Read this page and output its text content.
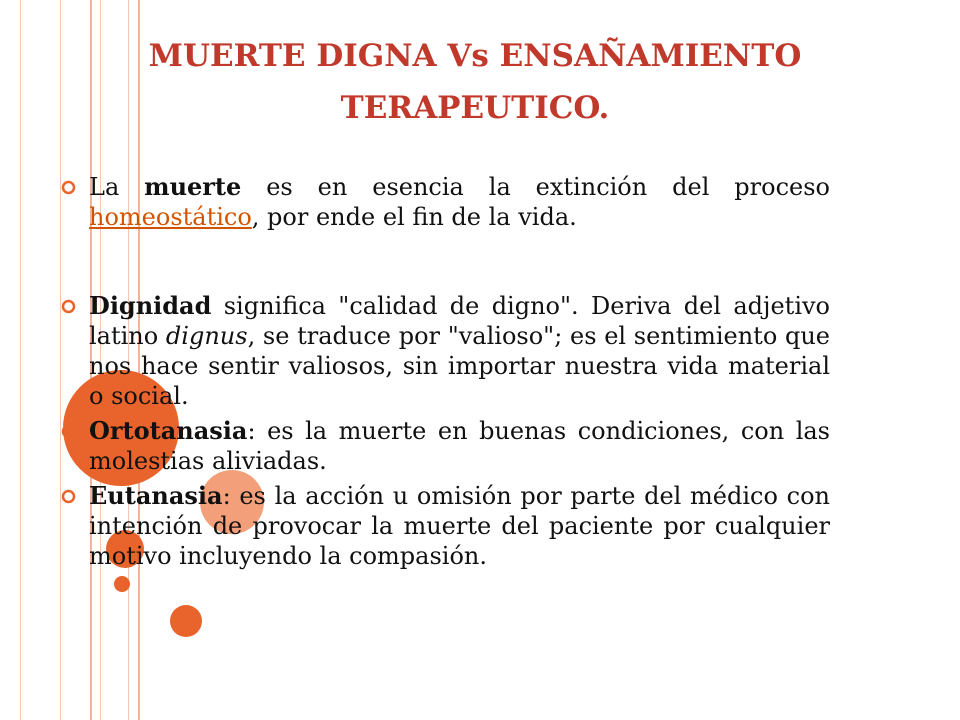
MUERTE DIGNA Vs ENSAÑAMIENTO
TERAPEUTICO.
La muerte es en esencia la extinción del proceso homeostático, por ende el fin de la vida.
Dignidad significa "calidad de digno". Deriva del adjetivo latino dignus, se traduce por "valioso"; es el sentimiento que nos hace sentir valiosos, sin importar nuestra vida material o social.
Ortotanasia: es la muerte en buenas condiciones, con las molestias aliviadas.
Eutanasia: es la acción u omisión por parte del médico con intención de provocar la muerte del paciente por cualquier motivo incluyendo la compasión.
